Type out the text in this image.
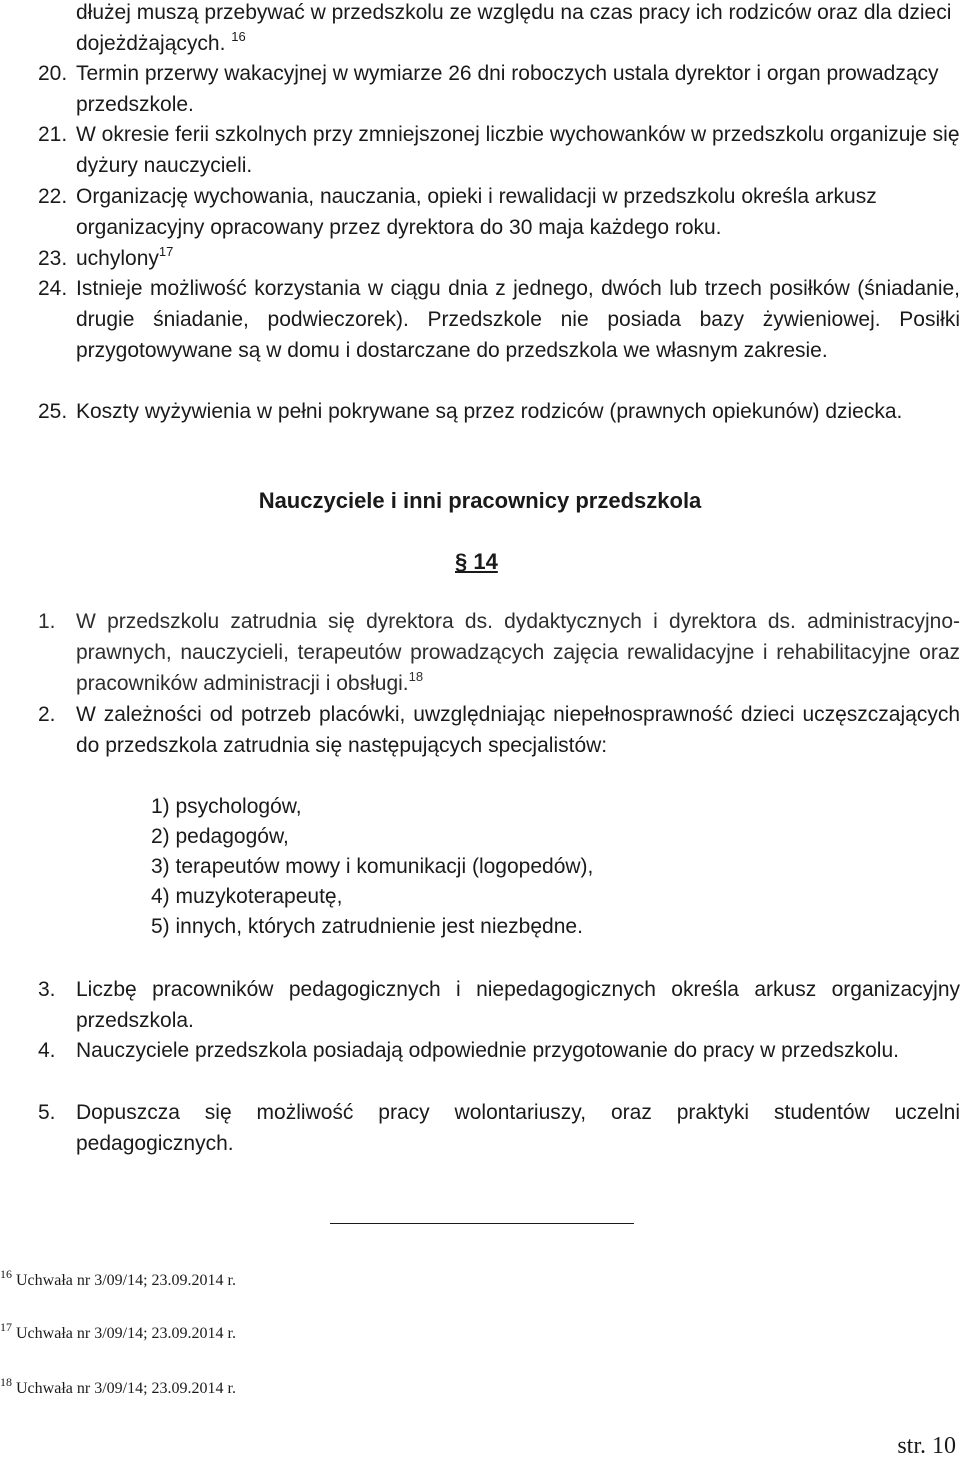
dłużej muszą przebywać w przedszkolu ze względu na czas pracy ich rodziców oraz dla dzieci dojeżdżających. $^{16}$
20. Termin przerwy wakacyjnej w wymiarze 26 dni roboczych ustala dyrektor i organ prowadzący przedszkole.
21. W okresie ferii szkolnych przy zmniejszonej liczbie wychowanków w przedszkolu organizuje się dyżury nauczycieli.
22. Organizację wychowania, nauczania, opieki i rewalidacji w przedszkolu określa arkusz organizacyjny opracowany przez dyrektora do 30 maja każdego roku.
23. uchylony$^{17}$
24. Istnieje możliwość korzystania w ciągu dnia z jednego, dwóch lub trzech posiłków (śniadanie, drugie śniadanie, podwieczorek). Przedszkole nie posiada bazy żywieniowej. Posiłki przygotowywane są w domu i dostarczane do przedszkola we własnym zakresie.
25. Koszty wyżywienia w pełni pokrywane są przez rodziców (prawnych opiekunów) dziecka.
Nauczyciele i inni pracownicy przedszkola
§ 14
1. W przedszkolu zatrudnia się dyrektora ds. dydaktycznych i dyrektora ds. administracyjno-prawnych, nauczycieli, terapeutów prowadzących zajęcia rewalidacyjne i rehabilitacyjne oraz pracowników administracji i obsługi.$^{18}$
2. W zależności od potrzeb placówki, uwzględniając niepełnosprawność dzieci uczęszczających do przedszkola zatrudnia się następujących specjalistów:
1) psychologów,
2) pedagogów,
3) terapeutów mowy i komunikacji (logopedów),
4) muzykoterapeutę,
5) innych, których zatrudnienie jest niezbędne.
3. Liczbę pracowników pedagogicznych i niepedagogicznych określa arkusz organizacyjny przedszkola.
4. Nauczyciele przedszkola posiadają odpowiednie przygotowanie do pracy w przedszkolu.
5. Dopuszcza się możliwość pracy wolontariuszy, oraz praktyki studentów uczelni pedagogicznych.
$^{16}$ Uchwała nr 3/09/14; 23.09.2014 r.
$^{17}$ Uchwała nr 3/09/14; 23.09.2014 r.
$^{18}$ Uchwała nr 3/09/14; 23.09.2014 r.
str. 10
